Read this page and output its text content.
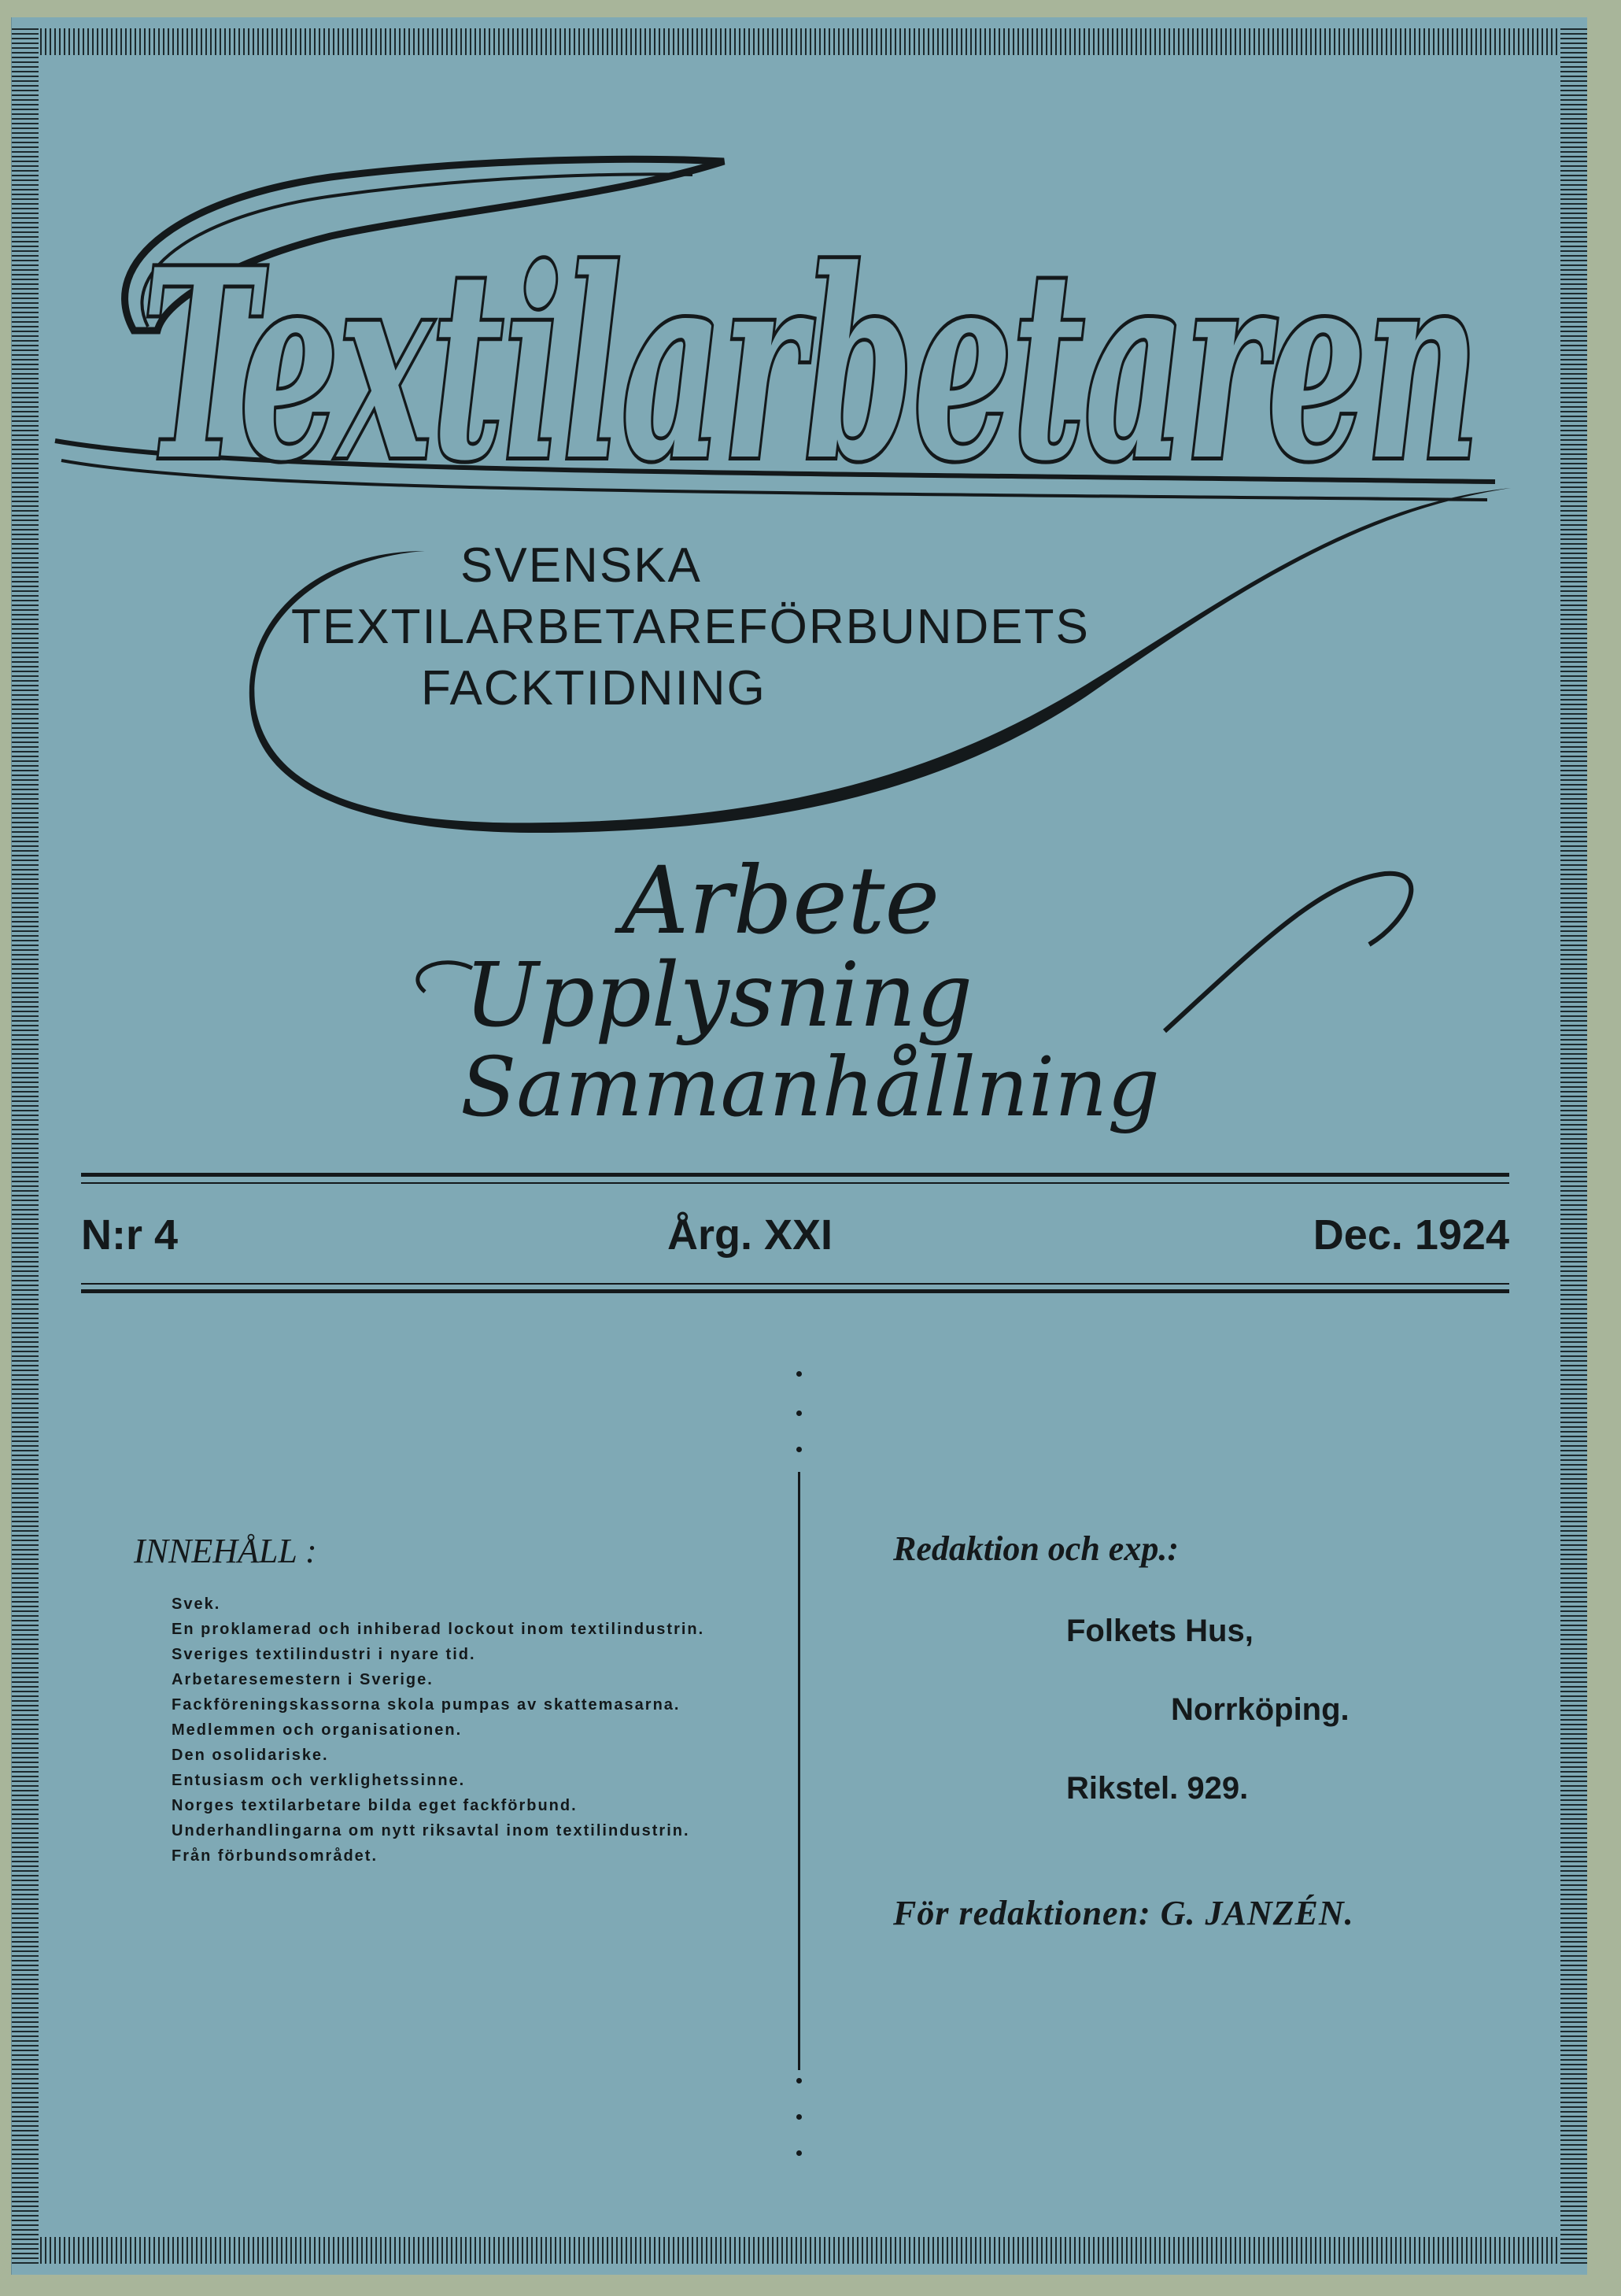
Textilarbetaren
SVENSKA
TEXTILARBETAREFÖRBUNDETS
FACKTIDNING
Arbete
Upplysning
Sammanhållning
N:r 4	Årg. XXI	Dec. 1924
INNEHÅLL :
Svek.
En proklamerad och inhiberad lockout inom textilindustrin.
Sveriges textilindustri i nyare tid.
Arbetaresemestern i Sverige.
Fackföreningskassorna skola pumpas av skattemasarna.
Medlemmen och organisationen.
Den osolidariske.
Entusiasm och verklighetssinne.
Norges textilarbetare bilda eget fackförbund.
Underhandlingarna om nytt riksavtal inom textilindustrin.
Från förbundsområdet.
Redaktion och exp.:
Folkets Hus,
Norrköping.
Rikstel. 929.
För redaktionen: G. JANZÉN.
